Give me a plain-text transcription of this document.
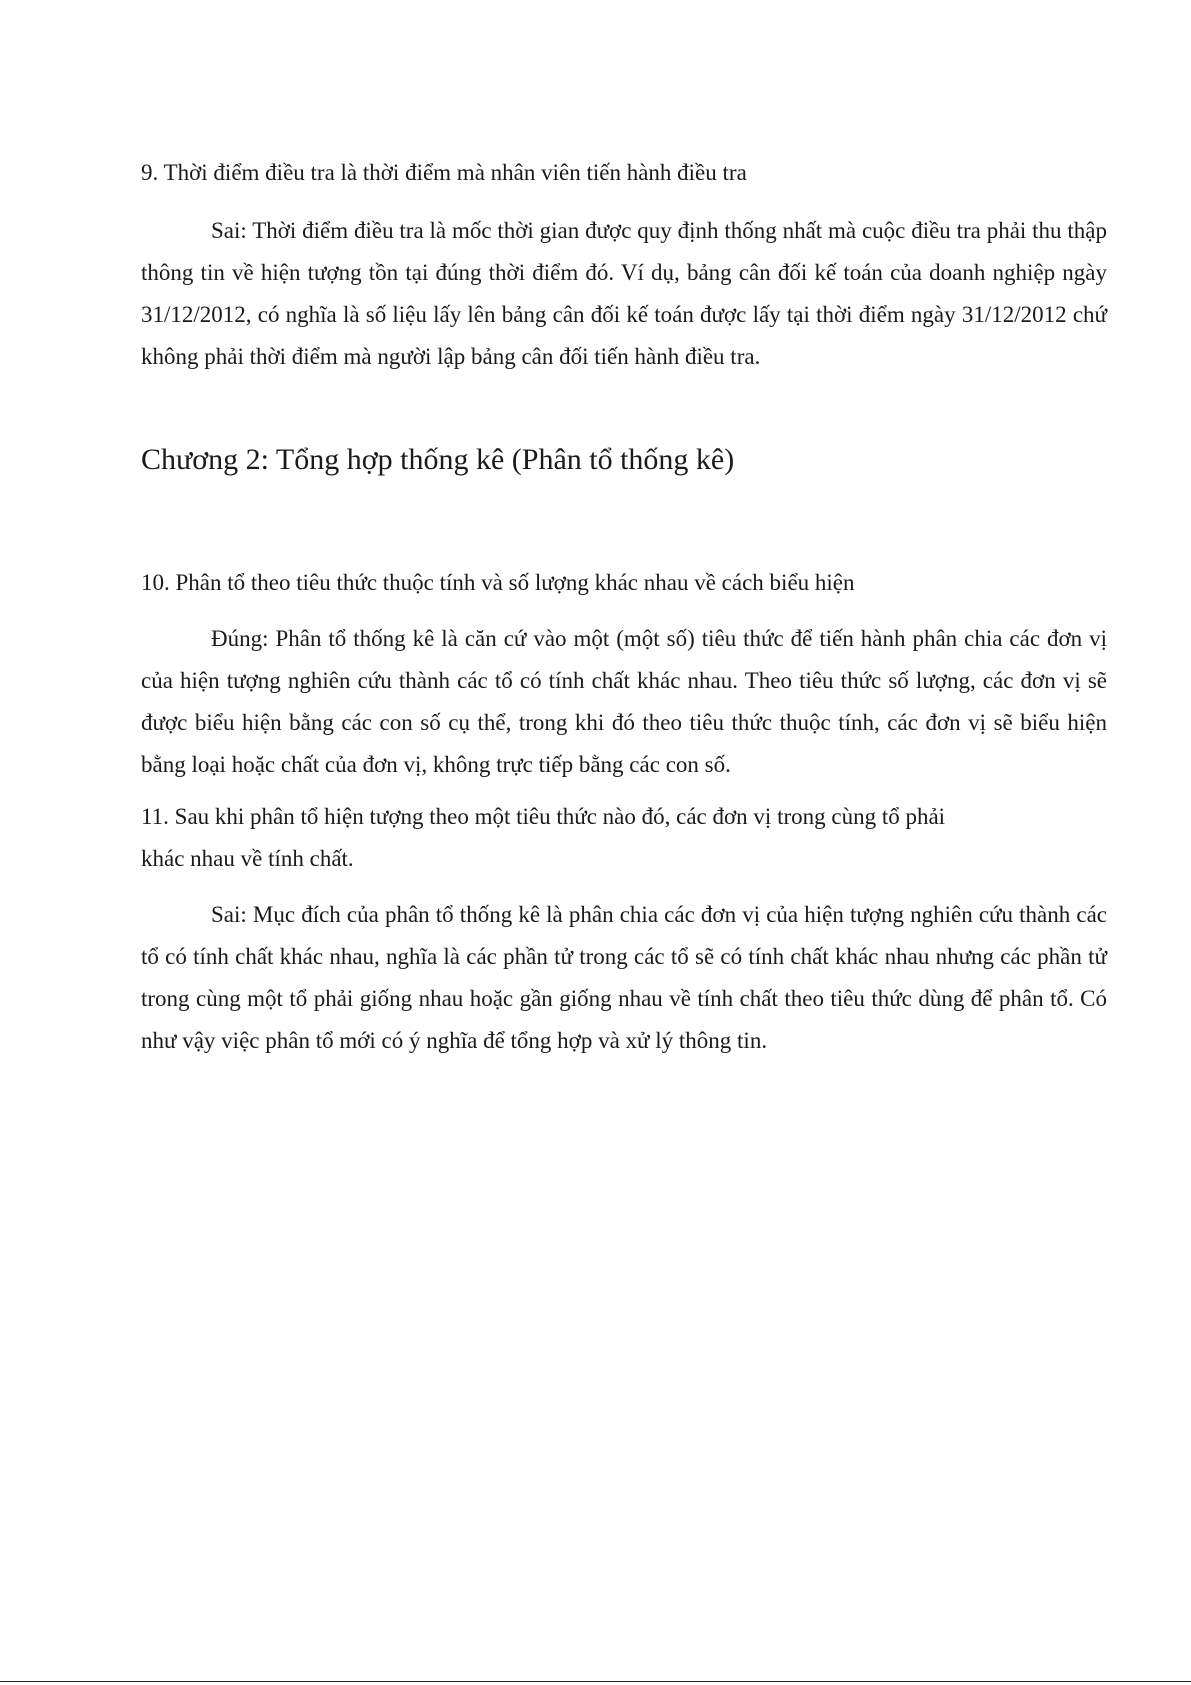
9. Thời điểm điều tra là thời điểm mà nhân viên tiến hành điều tra

Sai: Thời điểm điều tra là mốc thời gian được quy định thống nhất mà cuộc điều tra phải thu thập thông tin về hiện tượng tồn tại đúng thời điểm đó. Ví dụ, bảng cân đối kế toán của doanh nghiệp ngày 31/12/2012, có nghĩa là số liệu lấy lên bảng cân đối kế toán được lấy tại thời điểm ngày 31/12/2012 chứ không phải thời điểm mà người lập bảng cân đối tiến hành điều tra.

Chương 2: Tổng hợp thống kê (Phân tổ thống kê)

10. Phân tổ theo tiêu thức thuộc tính và số lượng khác nhau về cách biểu hiện

Đúng: Phân tổ thống kê là căn cứ vào một (một số) tiêu thức để tiến hành phân chia các đơn vị của hiện tượng nghiên cứu thành các tổ có tính chất khác nhau. Theo tiêu thức số lượng, các đơn vị sẽ được biểu hiện bằng các con số cụ thể, trong khi đó theo tiêu thức thuộc tính, các đơn vị sẽ biểu hiện bằng loại hoặc chất của đơn vị, không trực tiếp bằng các con số.

11. Sau khi phân tổ hiện tượng theo một tiêu thức nào đó, các đơn vị trong cùng tổ phải

khác nhau về tính chất.

Sai: Mục đích của phân tổ thống kê là phân chia các đơn vị của hiện tượng nghiên cứu thành các tổ có tính chất khác nhau, nghĩa là các phần tử trong các tổ sẽ có tính chất khác nhau nhưng các phần tử trong cùng một tổ phải giống nhau hoặc gần giống nhau về tính chất theo tiêu thức dùng để phân tổ. Có như vậy việc phân tổ mới có ý nghĩa để tổng hợp và xử lý thông tin.
